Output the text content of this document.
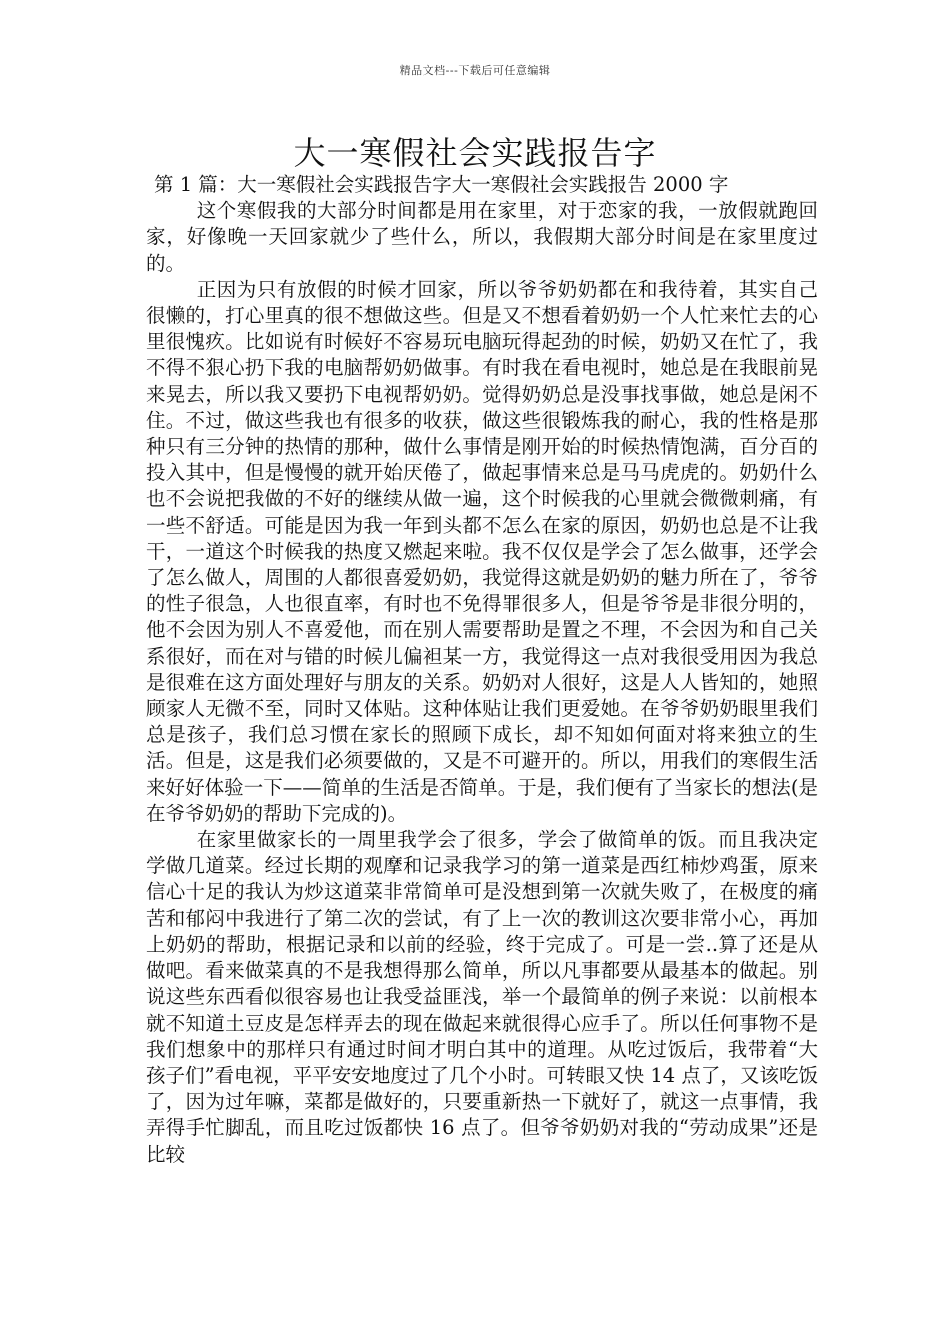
精品文档---下载后可任意编辑
大一寒假社会实践报告字

第 1 篇：大一寒假社会实践报告字大一寒假社会实践报告 2000 字

这个寒假我的大部分时间都是用在家里，对于恋家的我，一放假就跑回家，好像晚一天回家就少了些什么，所以，我假期大部分时间是在家里度过的。

正因为只有放假的时候才回家，所以爷爷奶奶都在和我待着，其实自己很懒的，打心里真的很不想做这些。但是又不想看着奶奶一个人忙来忙去的心里很愧疚。比如说有时候好不容易玩电脑玩得起劲的时候，奶奶又在忙了，我不得不狠心扔下我的电脑帮奶奶做事。有时我在看电视时，她总是在我眼前晃来晃去，所以我又要扔下电视帮奶奶。觉得奶奶总是没事找事做，她总是闲不住。不过，做这些我也有很多的收获，做这些很锻炼我的耐心，我的性格是那种只有三分钟的热情的那种，做什么事情是刚开始的时候热情饱满，百分百的投入其中，但是慢慢的就开始厌倦了，做起事情来总是马马虎虎的。奶奶什么也不会说把我做的不好的继续从做一遍，这个时候我的心里就会微微刺痛，有一些不舒适。可能是因为我一年到头都不怎么在家的原因，奶奶也总是不让我干，一道这个时候我的热度又燃起来啦。我不仅仅是学会了怎么做事，还学会了怎么做人，周围的人都很喜爱奶奶，我觉得这就是奶奶的魅力所在了，爷爷的性子很急，人也很直率，有时也不免得罪很多人，但是爷爷是非很分明的，他不会因为别人不喜爱他，而在别人需要帮助是置之不理，不会因为和自己关系很好，而在对与错的时候儿偏袒某一方，我觉得这一点对我很受用因为我总是很难在这方面处理好与朋友的关系。奶奶对人很好，这是人人皆知的，她照顾家人无微不至，同时又体贴。这种体贴让我们更爱她。在爷爷奶奶眼里我们总是孩子，我们总习惯在家长的照顾下成长，却不知如何面对将来独立的生活。但是，这是我们必须要做的，又是不可避开的。所以，用我们的寒假生活来好好体验一下——简单的生活是否简单。于是，我们便有了当家长的想法(是在爷爷奶奶的帮助下完成的)。

在家里做家长的一周里我学会了很多，学会了做简单的饭。而且我决定学做几道菜。经过长期的观摩和记录我学习的第一道菜是西红柿炒鸡蛋，原来信心十足的我认为炒这道菜非常简单可是没想到第一次就失败了，在极度的痛苦和郁闷中我进行了第二次的尝试，有了上一次的教训这次要非常小心，再加上奶奶的帮助，根据记录和以前的经验，终于完成了。可是一尝..算了还是从做吧。看来做菜真的不是我想得那么简单，所以凡事都要从最基本的做起。别说这些东西看似很容易也让我受益匪浅，举一个最简单的例子来说：以前根本就不知道土豆皮是怎样弄去的现在做起来就很得心应手了。所以任何事物不是我们想象中的那样只有通过时间才明白其中的道理。从吃过饭后，我带着“大孩子们”看电视，平平安安地度过了几个小时。可转眼又快 14 点了，又该吃饭了，因为过年嘛，菜都是做好的，只要重新热一下就好了，就这一点事情，我弄得手忙脚乱，而且吃过饭都快 16 点了。但爷爷奶奶对我的“劳动成果”还是比较
